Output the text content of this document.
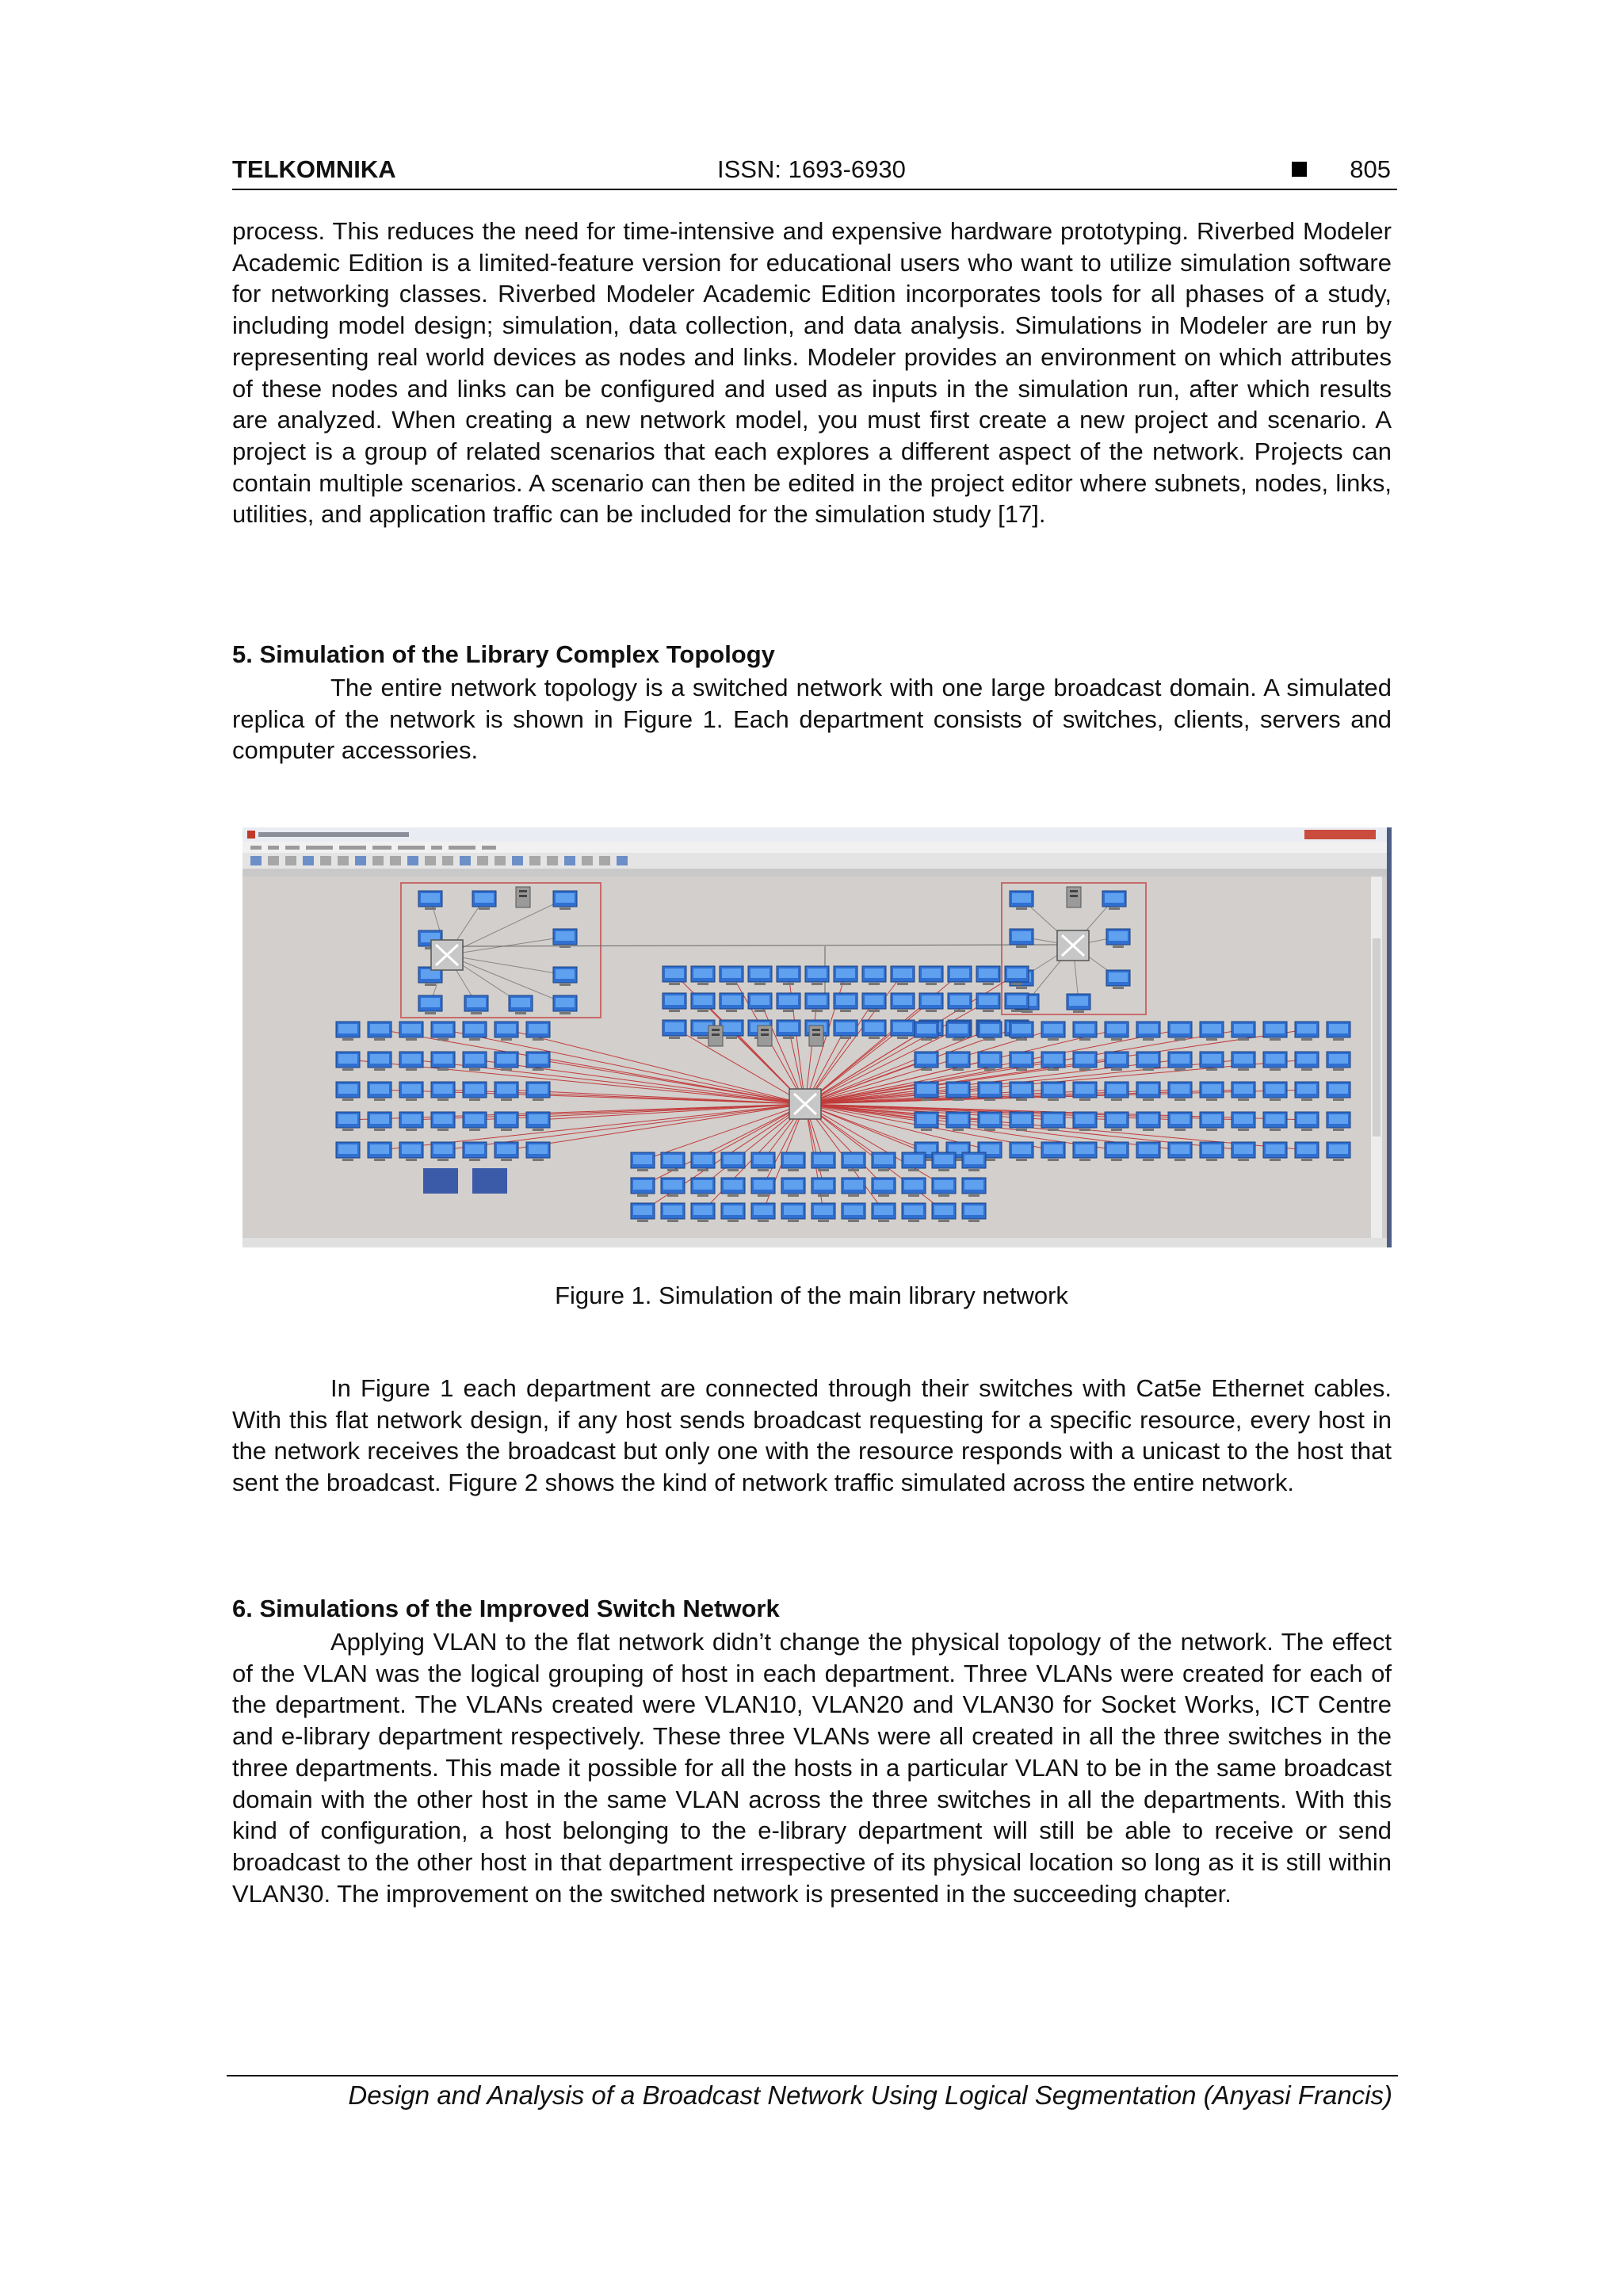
TELKOMNIKA	ISSN: 1693-6930	805

process. This reduces the need for time-intensive and expensive hardware prototyping. Riverbed Modeler Academic Edition is a limited-feature version for educational users who want to utilize simulation software for networking classes. Riverbed Modeler Academic Edition incorporates tools for all phases of a study, including model design; simulation, data collection, and data analysis. Simulations in Modeler are run by representing real world devices as nodes and links. Modeler provides an environment on which attributes of these nodes and links can be configured and used as inputs in the simulation run, after which results are analyzed. When creating a new network model, you must first create a new project and scenario. A project is a group of related scenarios that each explores a different aspect of the network. Projects can contain multiple scenarios. A scenario can then be edited in the project editor where subnets, nodes, links, utilities, and application traffic can be included for the simulation study [17].

5. Simulation of the Library Complex Topology

The entire network topology is a switched network with one large broadcast domain. A simulated replica of the network is shown in Figure 1. Each department consists of switches, clients, servers and computer accessories.

Figure 1. Simulation of the main library network

In Figure 1 each department are connected through their switches with Cat5e Ethernet cables. With this flat network design, if any host sends broadcast requesting for a specific resource, every host in the network receives the broadcast but only one with the resource responds with a unicast to the host that sent the broadcast. Figure 2 shows the kind of network traffic simulated across the entire network.

6. Simulations of the Improved Switch Network

Applying VLAN to the flat network didn’t change the physical topology of the network. The effect of the VLAN was the logical grouping of host in each department. Three VLANs were created for each of the department. The VLANs created were VLAN10, VLAN20 and VLAN30 for Socket Works, ICT Centre and e-library department respectively. These three VLANs were all created in all the three switches in the three departments. This made it possible for all the hosts in a particular VLAN to be in the same broadcast domain with the other host in the same VLAN across the three switches in all the departments. With this kind of configuration, a host belonging to the e-library department will still be able to receive or send broadcast to the other host in that department irrespective of its physical location so long as it is still within VLAN30. The improvement on the switched network is presented in the succeeding chapter.

Design and Analysis of a Broadcast Network Using Logical Segmentation (Anyasi Francis)
